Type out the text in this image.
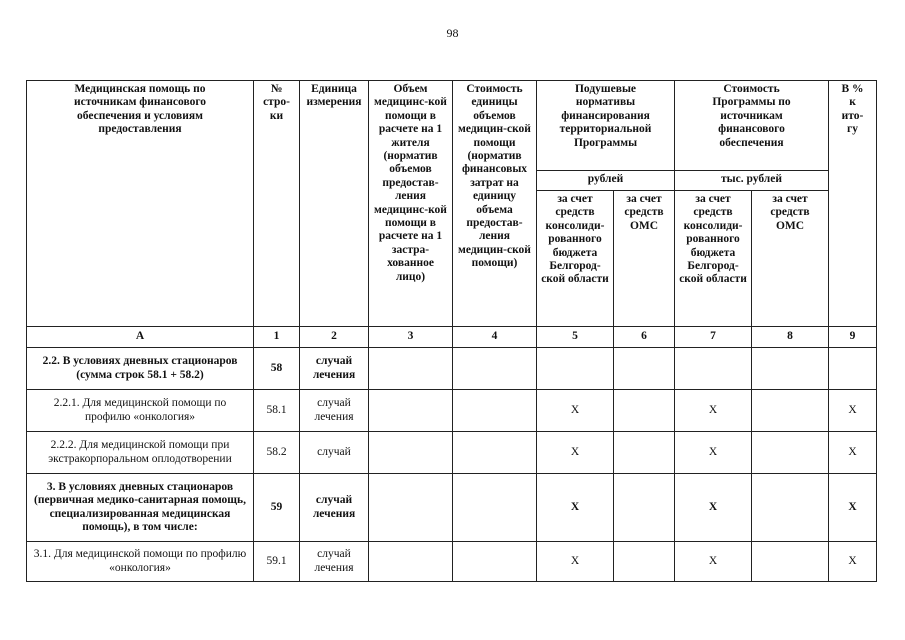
98
Медицинская помощь по источникам финансового обеспечения и условиям предоставления	№ стро-ки	Единица измерения	Объем медицинс-кой помощи в расчете на 1 жителя (норматив объемов предостав-ления медицинс-кой помощи в расчете на 1 застра-хованное лицо)	Стоимость единицы объемов медицин-ской помощи (норматив финансовых затрат на единицу объема предостав-ления медицин-ской помощи)	Подушевые нормативы финансирования территориальной Программы		Стоимость Программы по источникам финансового обеспечения		В % к ито-гу
					рублей		тыс. рублей		
					за счет средств консолиди-рованного бюджета Белгород-ской области	за счет средств ОМС	за счет средств консолиди-рованного бюджета Белгород-ской области	за счет средств ОМС	
А	1	2	3	4	5	6	7	8	9
2.2. В условиях дневных стационаров (сумма строк 58.1 + 58.2)	58	случай лечения							
2.2.1. Для медицинской помощи по профилю «онкология»	58.1	случай лечения			Х		Х		Х
2.2.2. Для медицинской помощи при экстракорпоральном оплодотворении	58.2	случай			Х		Х		Х
3. В условиях дневных стационаров (первичная медико-санитарная помощь, специализированная медицинская помощь), в том числе:	59	случай лечения			Х		Х		Х
3.1. Для медицинской помощи по профилю «онкология»	59.1	случай лечения			Х		Х		Х
